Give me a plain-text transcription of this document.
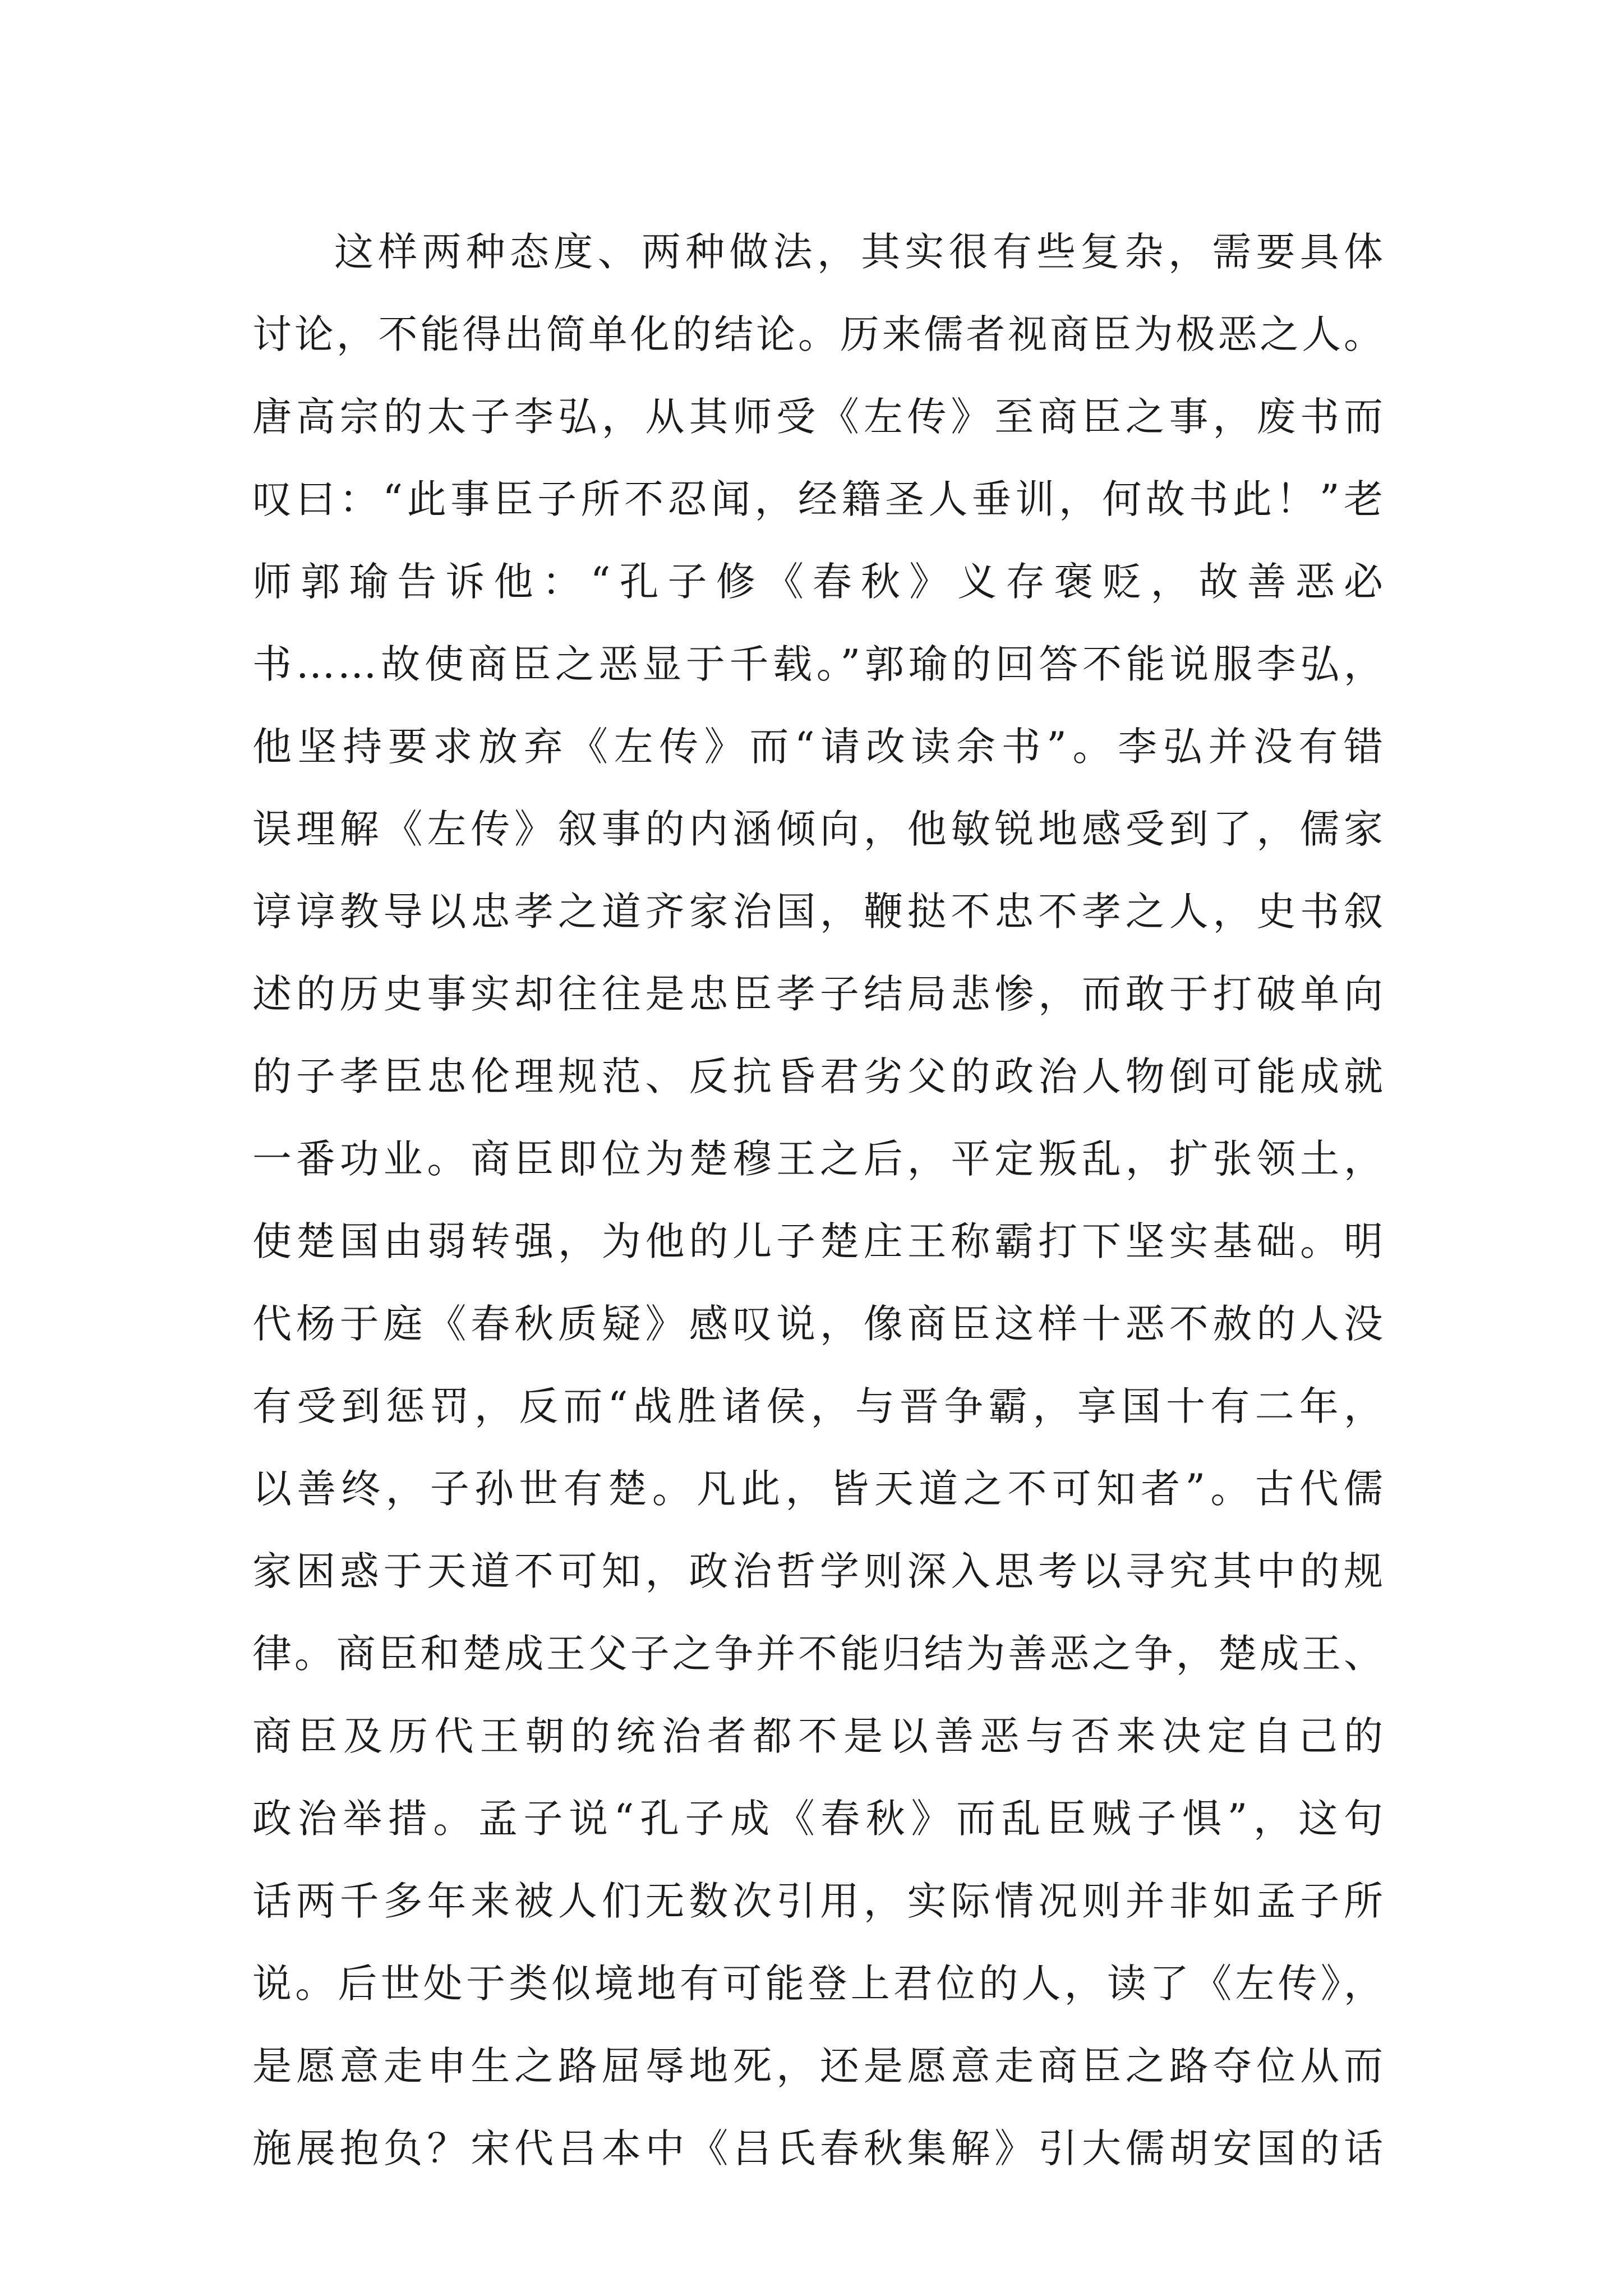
这样两种态度、两种做法，其实很有些复杂，需要具体
讨论，不能得出简单化的结论。历来儒者视商臣为极恶之人。
唐高宗的太子李弘，从其师受《左传》至商臣之事，废书而
叹曰：“此事臣子所不忍闻，经籍圣人垂训，何故书此！”老
师郭瑜告诉他：“孔子修《春秋》义存褒贬，故善恶必
书……故使商臣之恶显于千载。”郭瑜的回答不能说服李弘，
他坚持要求放弃《左传》而“请改读余书”。李弘并没有错
误理解《左传》叙事的内涵倾向，他敏锐地感受到了，儒家
谆谆教导以忠孝之道齐家治国，鞭挞不忠不孝之人，史书叙
述的历史事实却往往是忠臣孝子结局悲惨，而敢于打破单向
的子孝臣忠伦理规范、反抗昏君劣父的政治人物倒可能成就
一番功业。商臣即位为楚穆王之后，平定叛乱，扩张领土，
使楚国由弱转强，为他的儿子楚庄王称霸打下坚实基础。明
代杨于庭《春秋质疑》感叹说，像商臣这样十恶不赦的人没
有受到惩罚，反而“战胜诸侯，与晋争霸，享国十有二年，
以善终，子孙世有楚。凡此，皆天道之不可知者”。古代儒
家困惑于天道不可知，政治哲学则深入思考以寻究其中的规
律。商臣和楚成王父子之争并不能归结为善恶之争，楚成王、
商臣及历代王朝的统治者都不是以善恶与否来决定自己的
政治举措。孟子说“孔子成《春秋》而乱臣贼子惧”，这句
话两千多年来被人们无数次引用，实际情况则并非如孟子所
说。后世处于类似境地有可能登上君位的人，读了《左传》，
是愿意走申生之路屈辱地死，还是愿意走商臣之路夺位从而
施展抱负？宋代吕本中《吕氏春秋集解》引大儒胡安国的话
